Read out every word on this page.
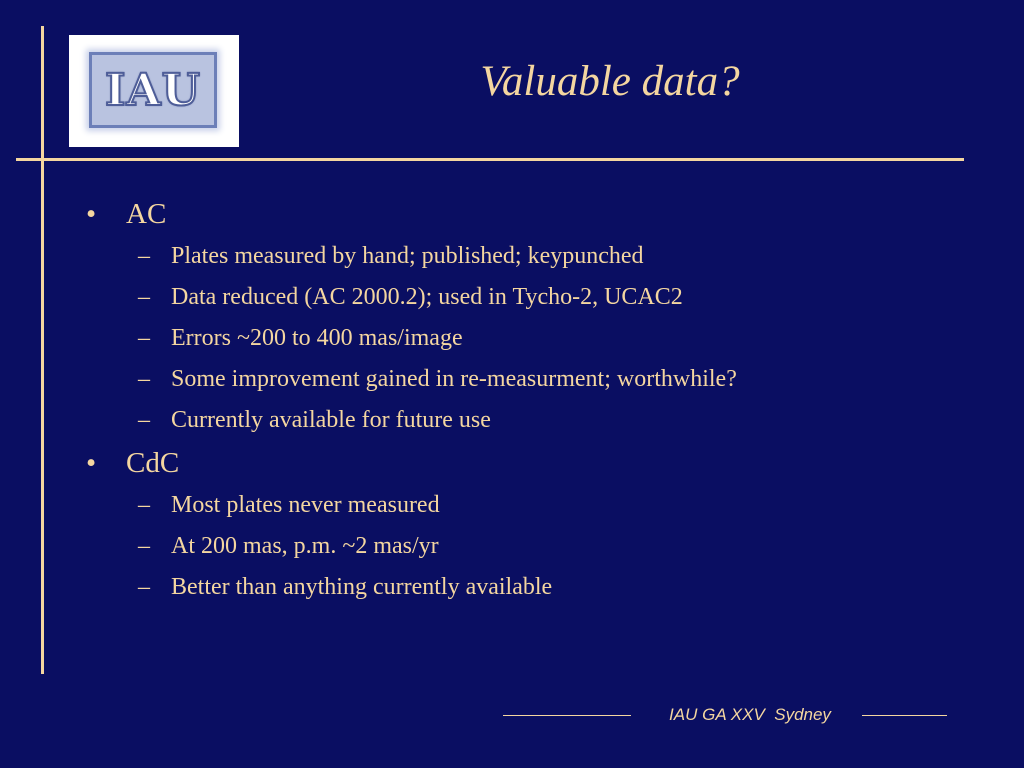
IAU	Valuable data?
•	AC
– Plates measured by hand; published; keypunched
– Data reduced (AC 2000.2); used in Tycho-2, UCAC2
– Errors ~200 to 400 mas/image
– Some improvement gained in re-measurment; worthwhile?
– Currently available for future use
•	CdC
– Most plates never measured
– At 200 mas, p.m. ~2 mas/yr
– Better than anything currently available
IAU GA XXV  Sydney
